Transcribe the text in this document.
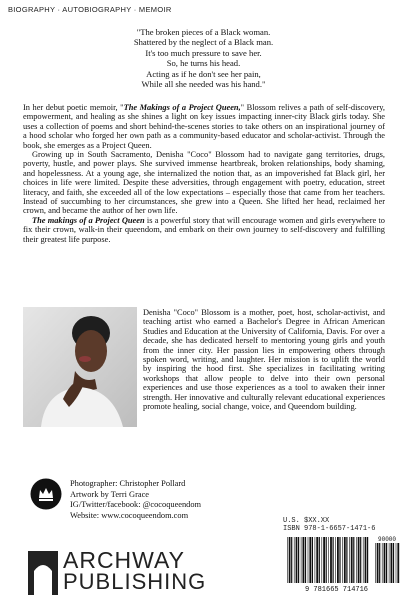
BIOGRAPHY · AUTOBIOGRAPHY · MEMOIR
"The broken pieces of a Black woman.
Shattered by the neglect of a Black man.
It's too much pressure to save her.
So, he turns his head.
Acting as if he don't see her pain,
While all she needed was his hand."

In her debut poetic memoir, "The Makings of a Project Queen," Blossom relives a path of self-discovery, empowerment, and healing as she shines a light on key issues impacting inner-city Black girls today. She uses a collection of poems and short behind-the-scenes stories to take others on an inspirational journey of a hood scholar who forged her own path as a community-based educator and scholar-activist. Through the book, she emerges as a Project Queen.

Growing up in South Sacramento, Denisha "Coco" Blossom had to navigate gang territories, drugs, poverty, hustle, and power plays. She survived immense heartbreak, broken relationships, body shaming, and hopelessness. At a young age, she internalized the notion that, as an impoverished fat Black girl, her choices in life were limited. Despite these adversities, through engagement with poetry, education, street literacy, and faith, she exceeded all of the low expectations – especially those that came from her teachers. Instead of succumbing to her circumstances, she grew into a Queen. She lifted her head, reclaimed her crown, and became the author of her own life.

The makings of a Project Queen is a powerful story that will encourage women and girls everywhere to fix their crown, walk-in their queendom, and embark on their own journey to self-discovery and fulfilling their greatest life purpose.

Denisha "Coco" Blossom is a mother, poet, host, scholar-activist, and teaching artist who earned a Bachelor's Degree in African American Studies and Education at the University of California, Davis. For over a decade, she has dedicated herself to mentoring young girls and youth from the inner city. Her passion lies in empowering others through spoken word, writing, and laughter. Her mission is to uplift the world by inspiring the hood first. She specializes in facilitating writing workshops that allow people to delve into their own personal experiences and use those experiences as a tool to awaken their inner strength. Her innovative and culturally relevant educational experiences promote healing, social change, voice, and Queendom building.
Photographer: Christopher Pollard
Artwork by Terri Grace
IG/Twitter/facebook: @cocoqueendom
Website: www.cocoqueendom.com
U.S. $XX.XX
ISBN 978-1-6657-1471-6
9 781665 714716
90000
ARCHWAY
PUBLISHING
